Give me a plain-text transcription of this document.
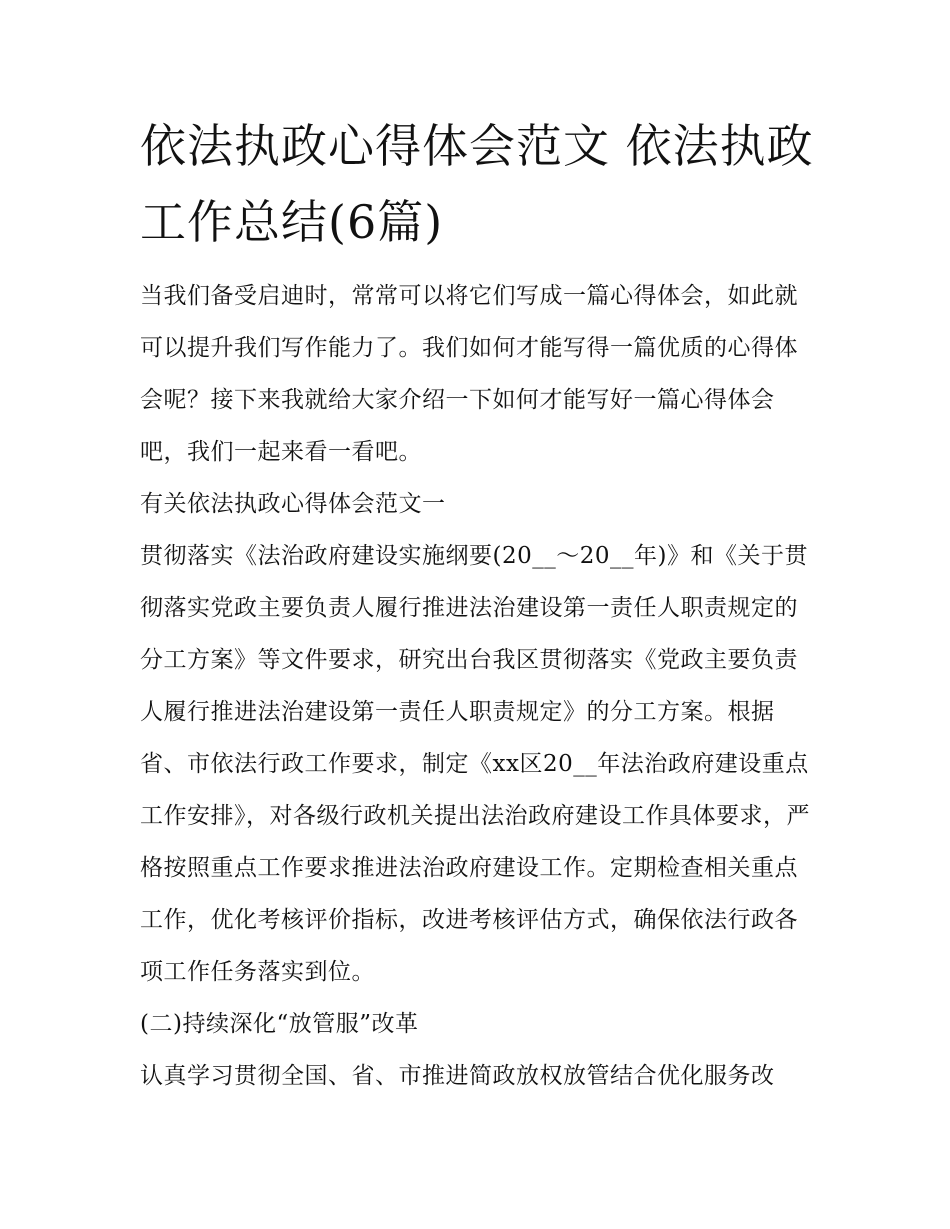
依法执政心得体会范文 依法执政工作总结(6篇)

当我们备受启迪时，常常可以将它们写成一篇心得体会，如此就可以提升我们写作能力了。我们如何才能写得一篇优质的心得体会呢？接下来我就给大家介绍一下如何才能写好一篇心得体会吧，我们一起来看一看吧。

有关依法执政心得体会范文一

贯彻落实《法治政府建设实施纲要(20__～20__年)》和《关于贯彻落实党政主要负责人履行推进法治建设第一责任人职责规定的分工方案》等文件要求，研究出台我区贯彻落实《党政主要负责人履行推进法治建设第一责任人职责规定》的分工方案。根据省、市依法行政工作要求，制定《xx区20__年法治政府建设重点工作安排》，对各级行政机关提出法治政府建设工作具体要求，严格按照重点工作要求推进法治政府建设工作。定期检查相关重点工作，优化考核评价指标，改进考核评估方式，确保依法行政各项工作任务落实到位。

(二)持续深化“放管服”改革

认真学习贯彻全国、省、市推进简政放权放管结合优化服务改
